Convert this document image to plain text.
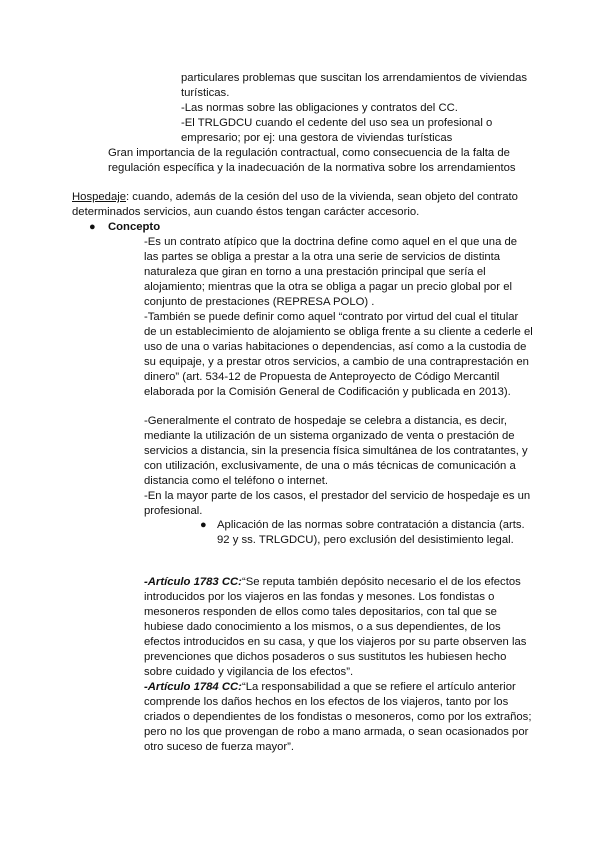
particulares problemas que suscitan los arrendamientos de viviendas
turísticas.
-Las normas sobre las obligaciones y contratos del CC.
-El TRLGDCU cuando el cedente del uso sea un profesional o
empresario; por ej: una gestora de viviendas turísticas
Gran importancia de la regulación contractual, como consecuencia de la falta de
regulación específica y la inadecuación de la normativa sobre los arrendamientos
Hospedaje: cuando, además de la cesión del uso de la vivienda, sean objeto del contrato
determinados servicios, aun cuando éstos tengan carácter accesorio.
● Concepto
-Es un contrato atípico que la doctrina define como aquel en el que una de
las partes se obliga a prestar a la otra una serie de servicios de distinta
naturaleza que giran en torno a una prestación principal que sería el
alojamiento; mientras que la otra se obliga a pagar un precio global por el
conjunto de prestaciones (REPRESA POLO) .
-También se puede definir como aquel “contrato por virtud del cual el titular
de un establecimiento de alojamiento se obliga frente a su cliente a cederle el
uso de una o varias habitaciones o dependencias, así como a la custodia de
su equipaje, y a prestar otros servicios, a cambio de una contraprestación en
dinero” (art. 534-12 de Propuesta de Anteproyecto de Código Mercantil
elaborada por la Comisión General de Codificación y publicada en 2013).
-Generalmente el contrato de hospedaje se celebra a distancia, es decir,
mediante la utilización de un sistema organizado de venta o prestación de
servicios a distancia, sin la presencia física simultánea de los contratantes, y
con utilización, exclusivamente, de una o más técnicas de comunicación a
distancia como el teléfono o internet.
-En la mayor parte de los casos, el prestador del servicio de hospedaje es un
profesional.
● Aplicación de las normas sobre contratación a distancia (arts.
92 y ss. TRLGDCU), pero exclusión del desistimiento legal.
-Artículo 1783 CC:“Se reputa también depósito necesario el de los efectos
introducidos por los viajeros en las fondas y mesones. Los fondistas o
mesoneros responden de ellos como tales depositarios, con tal que se
hubiese dado conocimiento a los mismos, o a sus dependientes, de los
efectos introducidos en su casa, y que los viajeros por su parte observen las
prevenciones que dichos posaderos o sus sustitutos les hubiesen hecho
sobre cuidado y vigilancia de los efectos”.
-Artículo 1784 CC:“La responsabilidad a que se refiere el artículo anterior
comprende los daños hechos en los efectos de los viajeros, tanto por los
criados o dependientes de los fondistas o mesoneros, como por los extraños;
pero no los que provengan de robo a mano armada, o sean ocasionados por
otro suceso de fuerza mayor”.
